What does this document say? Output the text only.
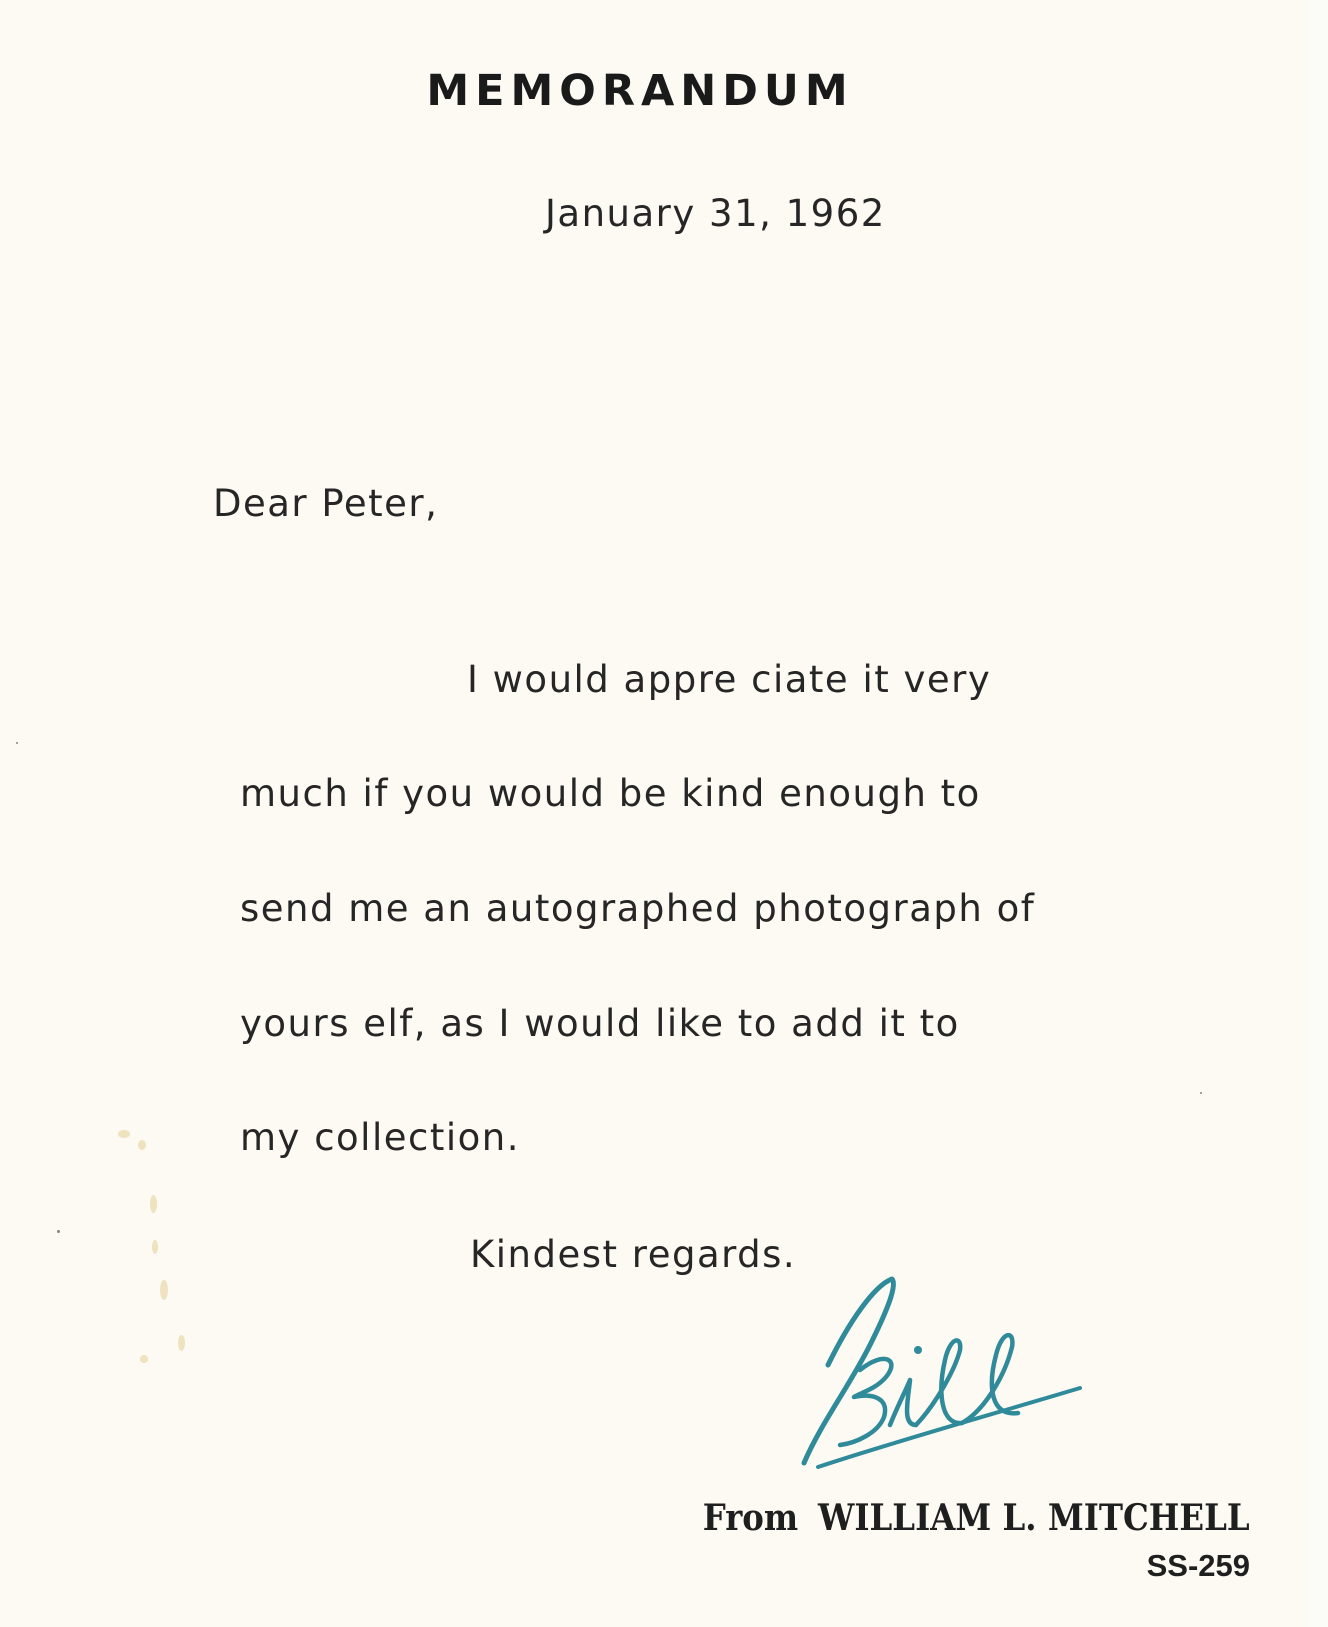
MEMORANDUM

January 31, 1962

Dear Peter,

I would appre ciate it very

much if you would be kind enough to

send me an autographed photograph of

yours elf, as I would like to add it to

my collection.

Kindest regards.

From WILLIAM L. MITCHELL
SS-259
